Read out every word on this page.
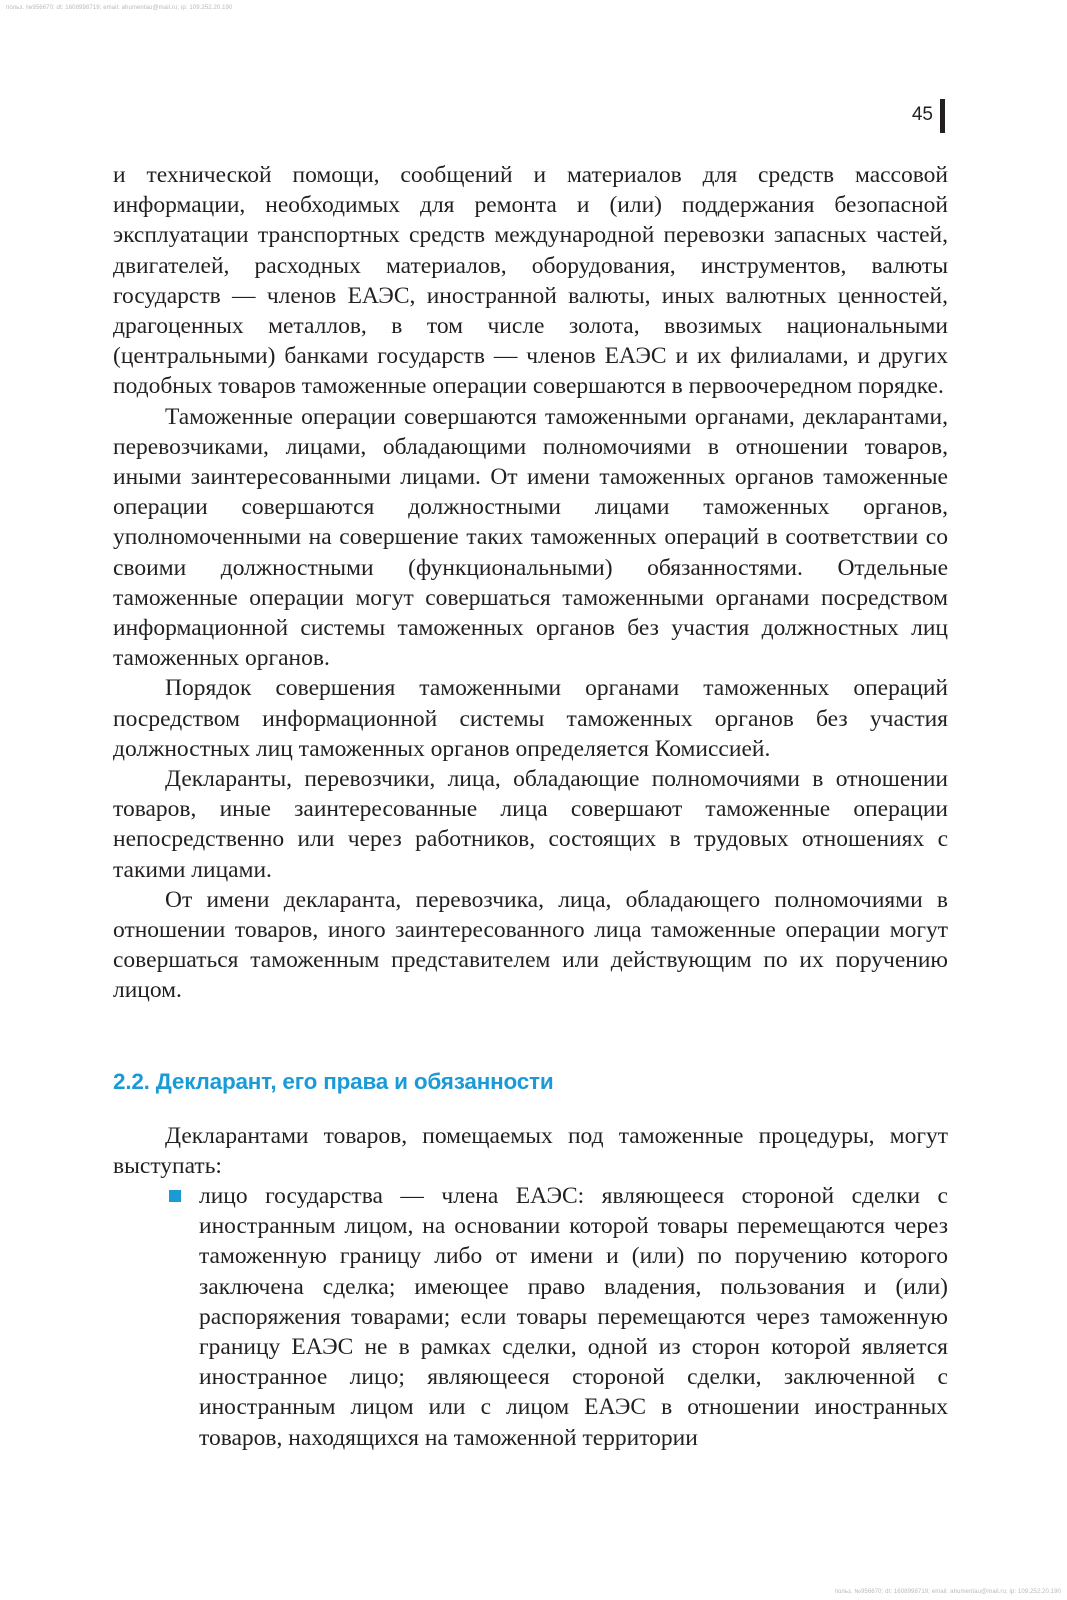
польз. №956670; dt: 1608998719; email: ahumentau@mail.ru; ip: 109.252.20.190
45

и технической помощи, сообщений и материалов для средств массовой информации, необходимых для ремонта и (или) поддержания безопасной эксплуатации транспортных средств международной перевозки запасных частей, двигателей, расходных материалов, оборудования, инструментов, валюты государств — членов ЕАЭС, иностранной валюты, иных валютных ценностей, драгоценных металлов, в том числе золота, ввозимых национальными (центральными) банками государств — членов ЕАЭС и их филиалами, и других подобных товаров таможенные операции совершаются в первоочередном порядке.

Таможенные операции совершаются таможенными органами, декларантами, перевозчиками, лицами, обладающими полномочиями в отношении товаров, иными заинтересованными лицами. От имени таможенных органов таможенные операции совершаются должностными лицами таможенных органов, уполномоченными на совершение таких таможенных операций в соответствии со своими должностными (функциональными) обязанностями. Отдельные таможенные операции могут совершаться таможенными органами посредством информационной системы таможенных органов без участия должностных лиц таможенных органов.

Порядок совершения таможенными органами таможенных операций посредством информационной системы таможенных органов без участия должностных лиц таможенных органов определяется Комиссией.

Декларанты, перевозчики, лица, обладающие полномочиями в отношении товаров, иные заинтересованные лица совершают таможенные операции непосредственно или через работников, состоящих в трудовых отношениях с такими лицами.

От имени декларанта, перевозчика, лица, обладающего полномочиями в отношении товаров, иного заинтересованного лица таможенные операции могут совершаться таможенным представителем или действующим по их поручению лицом.

2.2. Декларант, его права и обязанности

Декларантами товаров, помещаемых под таможенные процедуры, могут выступать:

лицо государства — члена ЕАЭС: являющееся стороной сделки с иностранным лицом, на основании которой товары перемещаются через таможенную границу либо от имени и (или) по поручению которого заключена сделка; имеющее право владения, пользования и (или) распоряжения товарами; если товары перемещаются через таможенную границу ЕАЭС не в рамках сделки, одной из сторон которой является иностранное лицо; являющееся стороной сделки, заключенной с иностранным лицом или с лицом ЕАЭС в отношении иностранных товаров, находящихся на таможенной территории
польз. №956670; dt: 1608998719; email: ahumentau@mail.ru; ip: 109.252.20.190
